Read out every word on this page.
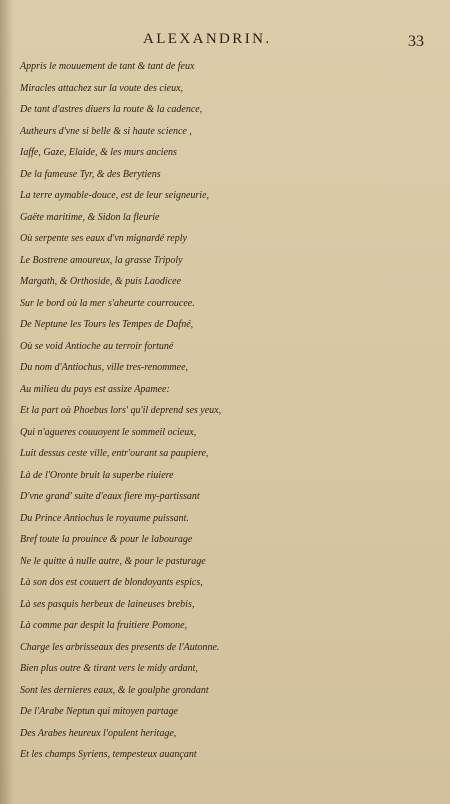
ALEXANDRIN.	33
Appris le mouuement de tant & tant de feux
Miracles attachez sur la voute des cieux,
De tant d'astres diuers la route & la cadence,
Autheurs d'vne si belle & si haute science ,
Iaffe, Gaze, Elaide, & les murs anciens
De la fameuse Tyr, & des Berytiens
La terre aymable-douce, est de leur seigneurie,
Gaëte maritime, & Sidon la fleurie
Où serpente ses eaux d'vn mignardé reply
Le Bostrene amoureux, la grasse Tripoly
Margath, & Orthoside, & puis Laodicee
Sur le bord où la mer s'aheurte courroucee.
De Neptune les Tours les Tempes de Dafné,
Où se void Antioche au terroir fortuné
Du nom d'Antiochus, ville tres-renommee,
Au milieu du pays est assize Apamee:
Et la part où Phoebus lors' qu'il deprend ses yeux,
Qui n'agueres couuoyent le sommeil ocieux,
Luit dessus ceste ville, entr'ourant sa paupiere,
Là de l'Oronte bruit la superbe riuiere
D'vne grand' suite d'eaux fiere my-partissant
Du Prince Antiochus le royaume puissant.
Bref toute la prouince & pour le labourage
Ne le quitte à nulle autre, & pour le pasturage
Là son dos est couuert de blondoyants espics,
Là ses pasquis herbeux de laineuses brebis,
Là comme par despit la fruitiere Pomone,
Charge les arbrisseaux des presents de l'Autonne.
Bien plus outre & tirant vers le midy ardant,
Sont les dernieres eaux, & le goulphe grondant
De l'Arabe Neptun qui mitoyen partage
Des Arabes heureux l'opulent heritage,
Et les champs Syriens, tempesteux auançant
